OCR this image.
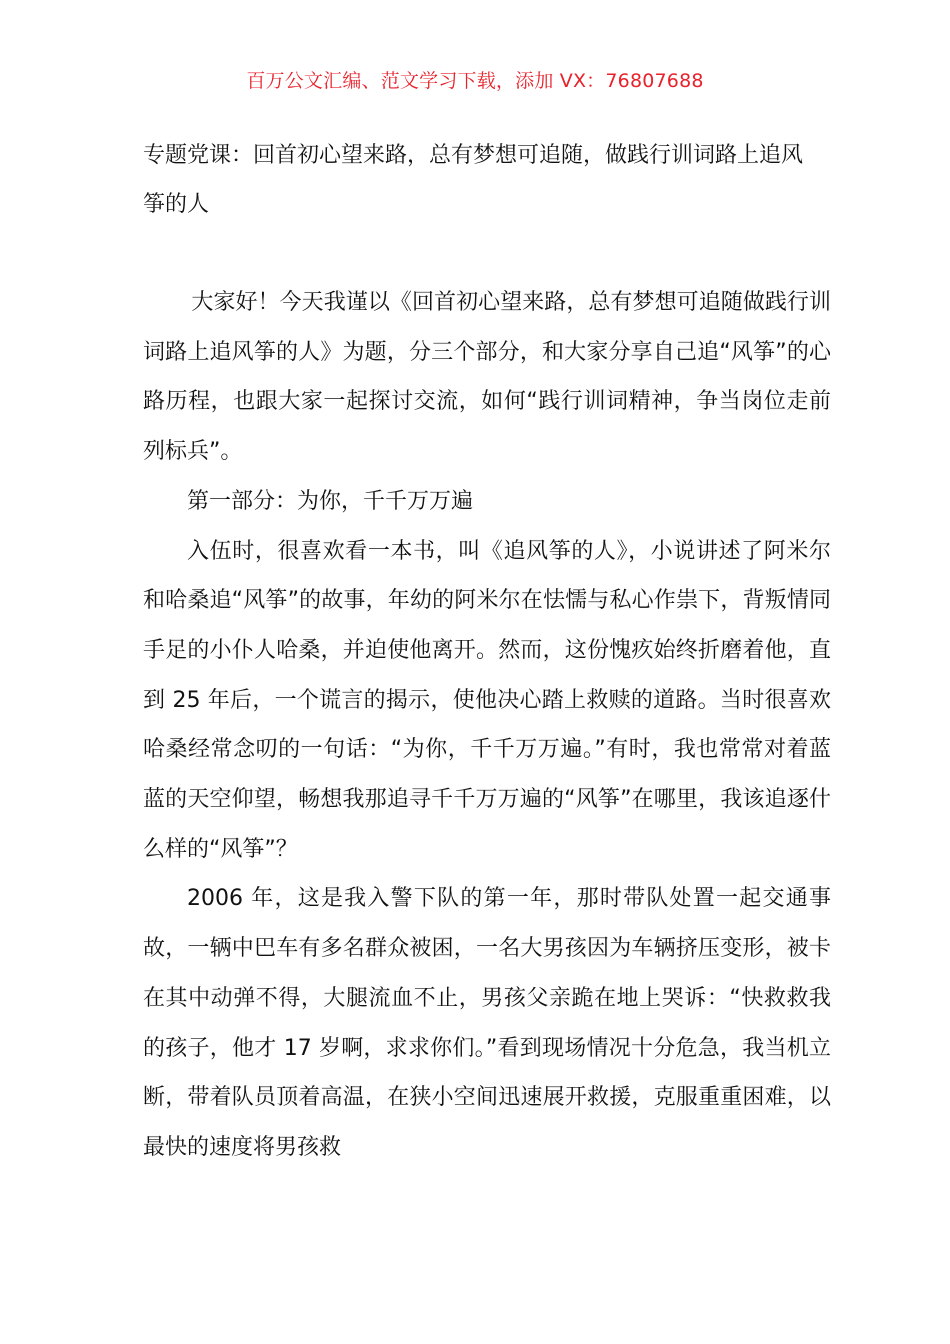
百万公文汇编、范文学习下载，添加 VX：76807688
专题党课：回首初心望来路，总有梦想可追随，做践行训词路上追风筝的人

大家好！今天我谨以《回首初心望来路，总有梦想可追随做践行训词路上追风筝的人》为题，分三个部分，和大家分享自己追“风筝”的心路历程，也跟大家一起探讨交流，如何“践行训词精神，争当岗位走前列标兵”。

第一部分：为你，千千万万遍

入伍时，很喜欢看一本书，叫《追风筝的人》，小说讲述了阿米尔和哈桑追“风筝”的故事，年幼的阿米尔在怯懦与私心作祟下，背叛情同手足的小仆人哈桑，并迫使他离开。然而，这份愧疚始终折磨着他，直到 25 年后，一个谎言的揭示，使他决心踏上救赎的道路。当时很喜欢哈桑经常念叨的一句话：“为你，千千万万遍。”有时，我也常常对着蓝蓝的天空仰望，畅想我那追寻千千万万遍的“风筝”在哪里，我该追逐什么样的“风筝”？

2006 年，这是我入警下队的第一年，那时带队处置一起交通事故，一辆中巴车有多名群众被困，一名大男孩因为车辆挤压变形，被卡在其中动弹不得，大腿流血不止，男孩父亲跪在地上哭诉：“快救救我的孩子，他才 17 岁啊，求求你们。”看到现场情况十分危急，我当机立断，带着队员顶着高温，在狭小空间迅速展开救援，克服重重困难，以最快的速度将男孩救
